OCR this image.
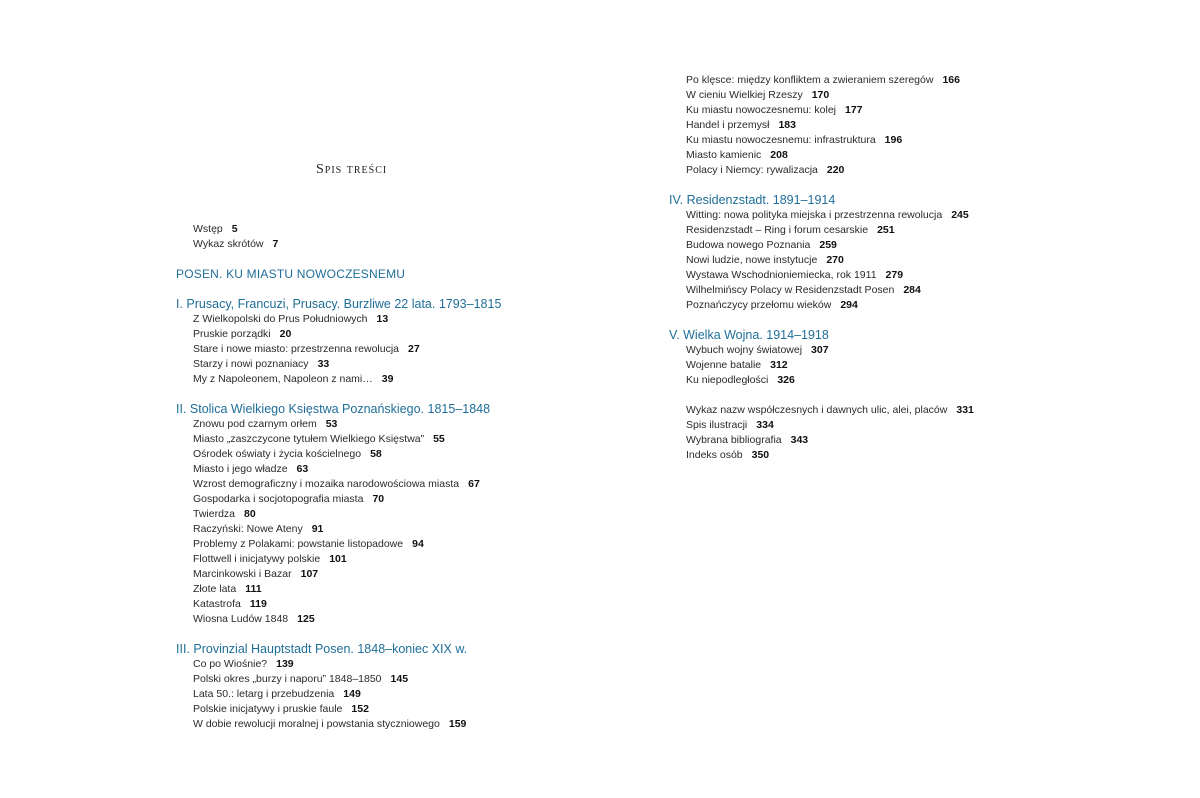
Spis treści
Wstęp 5
Wykaz skrótów 7
POSEN. KU MIASTU NOWOCZESNEMU
I. Prusacy, Francuzi, Prusacy. Burzliwe 22 lata. 1793–1815
Z Wielkopolski do Prus Południowych 13
Pruskie porządki 20
Stare i nowe miasto: przestrzenna rewolucja 27
Starzy i nowi poznaniacy 33
My z Napoleonem, Napoleon z nami… 39
II. Stolica Wielkiego Księstwa Poznańskiego. 1815–1848
Znowu pod czarnym orłem 53
Miasto „zaszczycone tytułem Wielkiego Księstwa” 55
Ośrodek oświaty i życia kościelnego 58
Miasto i jego władze 63
Wzrost demograficzny i mozaika narodowościowa miasta 67
Gospodarka i socjotopografia miasta 70
Twierdza 80
Raczyński: Nowe Ateny 91
Problemy z Polakami: powstanie listopadowe 94
Flottwell i inicjatywy polskie 101
Marcinkowski i Bazar 107
Złote lata 111
Katastrofa 119
Wiosna Ludów 1848 125
III. Provinzial Hauptstadt Posen. 1848–koniec XIX w.
Co po Wiośnie? 139
Polski okres „burzy i naporu” 1848–1850 145
Lata 50.: letarg i przebudzenia 149
Polskie inicjatywy i pruskie faule 152
W dobie rewolucji moralnej i powstania styczniowego 159
Po klęsce: między konfliktem a zwieraniem szeregów 166
W cieniu Wielkiej Rzeszy 170
Ku miastu nowoczesnemu: kolej 177
Handel i przemysł 183
Ku miastu nowoczesnemu: infrastruktura 196
Miasto kamienic 208
Polacy i Niemcy: rywalizacja 220
IV. Residenzstadt. 1891–1914
Witting: nowa polityka miejska i przestrzenna rewolucja 245
Residenzstadt – Ring i forum cesarskie 251
Budowa nowego Poznania 259
Nowi ludzie, nowe instytucje 270
Wystawa Wschodnioniemiecka, rok 1911 279
Wilhelmińscy Polacy w Residenzstadt Posen 284
Poznańczycy przełomu wieków 294
V. Wielka Wojna. 1914–1918
Wybuch wojny światowej 307
Wojenne batalie 312
Ku niepodległości 326
Wykaz nazw współczesnych i dawnych ulic, alei, placów 331
Spis ilustracji 334
Wybrana bibliografia 343
Indeks osób 350
